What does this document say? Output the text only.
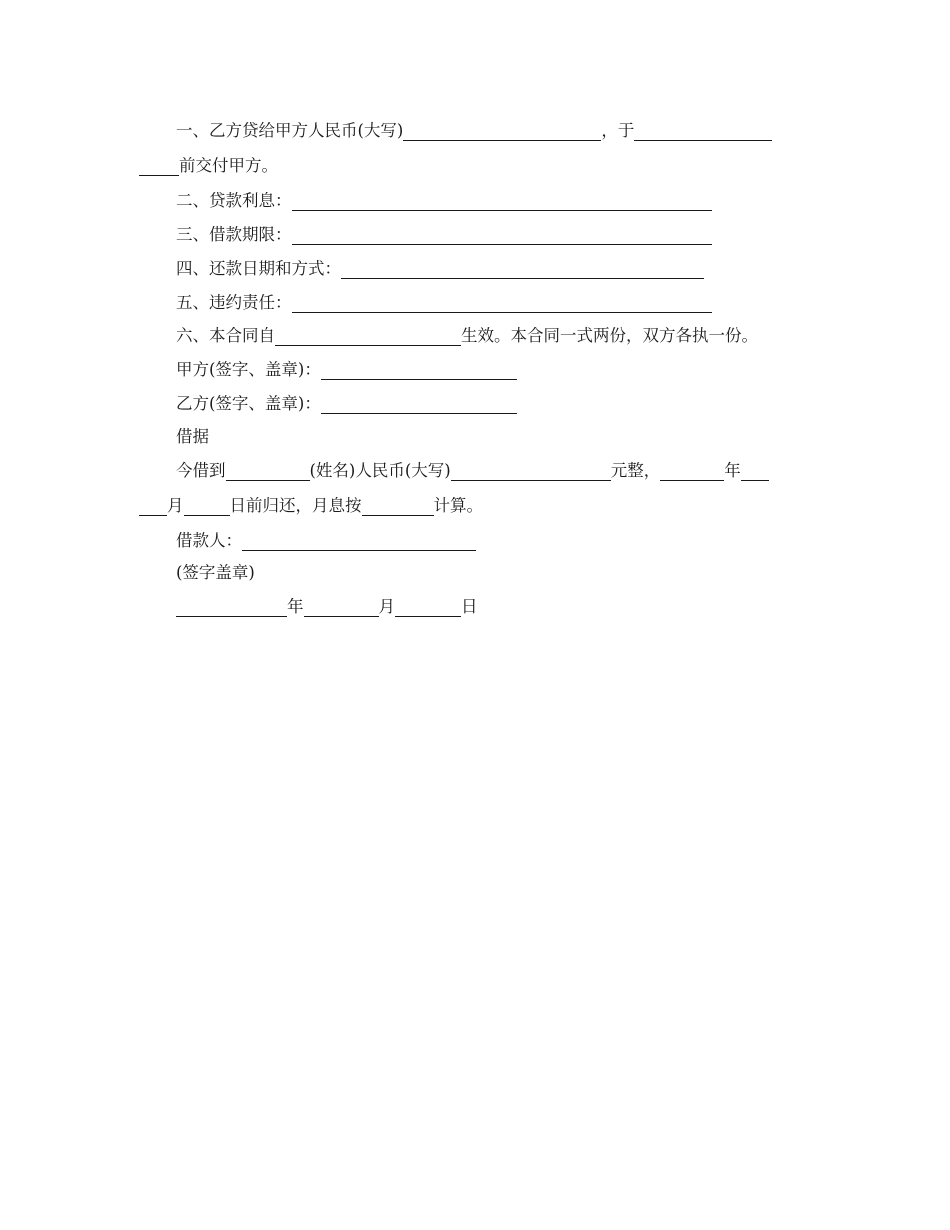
一、乙方贷给甲方人民币(大写)	，于
前交付甲方。
二、贷款利息：
三、借款期限：
四、还款日期和方式：
五、违约责任：
六、本合同自	生效。本合同一式两份，双方各执一份。
甲方(签字、盖章)：
乙方(签字、盖章)：
借据
今借到	(姓名)人民币(大写)	元整，	年
月	日前归还，月息按	计算。
借款人：
(签字盖章)
年	月	日
